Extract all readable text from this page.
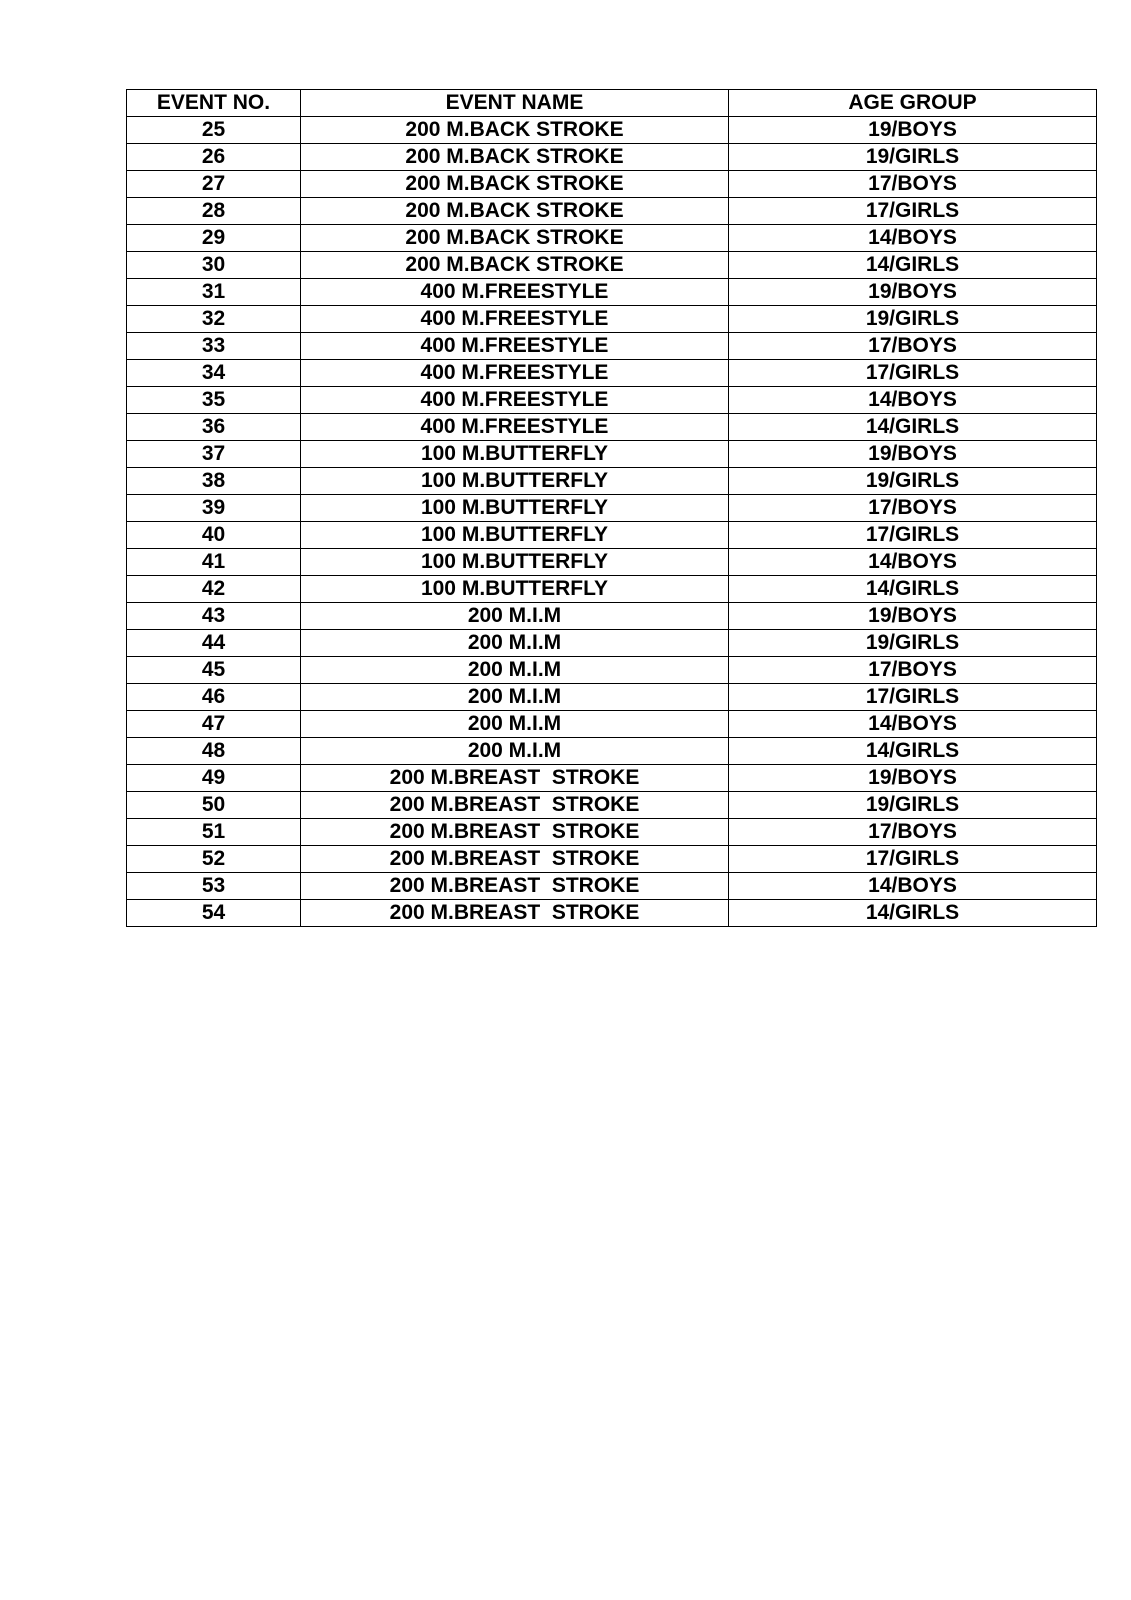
EVENT NO.	EVENT NAME	AGE GROUP
25	200 M.BACK STROKE	19/BOYS
26	200 M.BACK STROKE	19/GIRLS
27	200 M.BACK STROKE	17/BOYS
28	200 M.BACK STROKE	17/GIRLS
29	200 M.BACK STROKE	14/BOYS
30	200 M.BACK STROKE	14/GIRLS
31	400 M.FREESTYLE	19/BOYS
32	400 M.FREESTYLE	19/GIRLS
33	400 M.FREESTYLE	17/BOYS
34	400 M.FREESTYLE	17/GIRLS
35	400 M.FREESTYLE	14/BOYS
36	400 M.FREESTYLE	14/GIRLS
37	100 M.BUTTERFLY	19/BOYS
38	100 M.BUTTERFLY	19/GIRLS
39	100 M.BUTTERFLY	17/BOYS
40	100 M.BUTTERFLY	17/GIRLS
41	100 M.BUTTERFLY	14/BOYS
42	100 M.BUTTERFLY	14/GIRLS
43	200 M.I.M	19/BOYS
44	200 M.I.M	19/GIRLS
45	200 M.I.M	17/BOYS
46	200 M.I.M	17/GIRLS
47	200 M.I.M	14/BOYS
48	200 M.I.M	14/GIRLS
49	200 M.BREAST  STROKE	19/BOYS
50	200 M.BREAST  STROKE	19/GIRLS
51	200 M.BREAST  STROKE	17/BOYS
52	200 M.BREAST  STROKE	17/GIRLS
53	200 M.BREAST  STROKE	14/BOYS
54	200 M.BREAST  STROKE	14/GIRLS
